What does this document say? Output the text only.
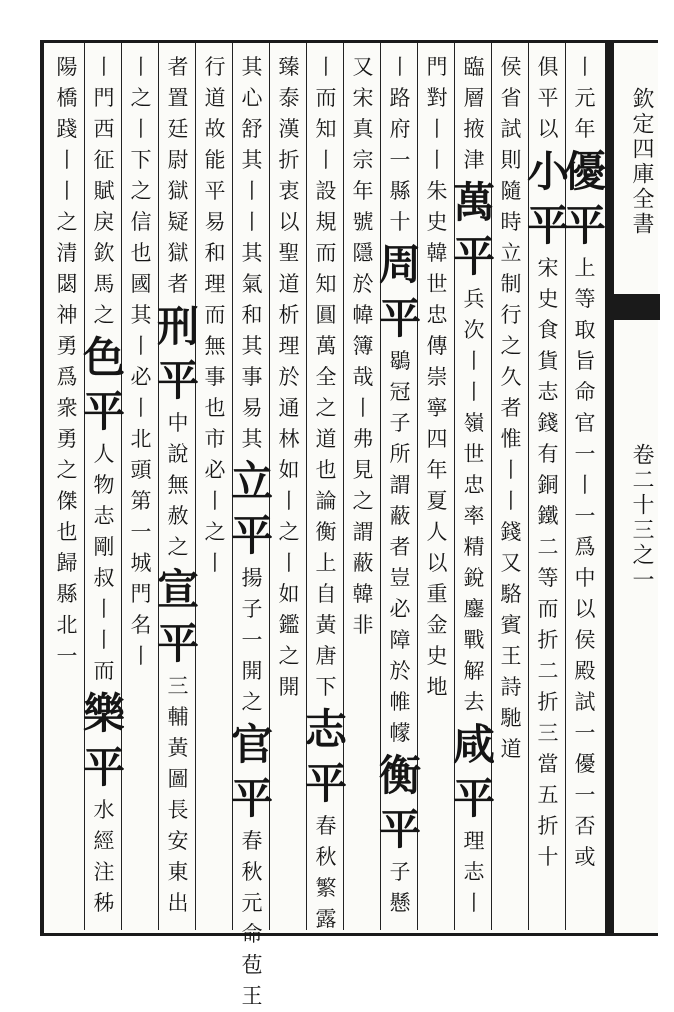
欽定四庫全書
卷二十三之一
丨
元
年
優
平
上
等
取
旨
命
官
一
丨
一
爲
中
以
侯
殿
試
一
優
一
否
或
俱
平
以
小
平
宋
史
食
貨
志
錢
有
銅
鐵
二
等
而
折
二
折
三
當
五
折
十
侯
省
試
則
隨
時
立
制
行
之
久
者
惟
丨
丨
錢
又
駱
賓
王
詩
馳
道
臨
層
掖
津
萬
平
兵
次
丨
丨
嶺
世
忠
率
精
銳
鏖
戰
解
去
咸
平
理
志
丨
門
對
丨
丨
朱
史
韓
世
忠
傳
崇
寧
四
年
夏
人
以
重
金
史
地
丨
路
府
一
縣
十
周
平
鶡
冠
子
所
謂
蔽
者
豈
必
障
於
帷
幪
衡
平
子
懸
又
宋
真
宗
年
號
隱
於
幃
簿
哉
丨
弗
見
之
謂
蔽
韓
非
丨
而
知
丨
設
規
而
知
圓
萬
全
之
道
也
論
衡
上
自
黃
唐
下
志
平
春
秋
繁
露
臻
泰
漢
折
衷
以
聖
道
析
理
於
通
林
如
丨
之
丨
如
鑑
之
開
其
心
舒
其
丨
丨
其
氣
和
其
事
易
其
立
平
揚
子
一
開
之
官
平
春
秋
元
命
苞
王
行
道
故
能
平
易
和
理
而
無
事
也
市
必
丨
之
丨
者
置
廷
尉
獄
疑
獄
者
刑
平
中
說
無
赦
之
宣
平
三
輔
黃
圖
長
安
東
出
丨
之
丨
下
之
信
也
國
其
丨
必
丨
北
頭
第
一
城
門
名
丨
丨
門
西
征
賦
戾
欽
馬
之
色
平
人
物
志
剛
叔
丨
丨
而
樂
平
水
經
注
秭
陽
橋
踐
丨
丨
之
清
閟
神
勇
爲
衆
勇
之
傑
也
歸
縣
北
一
